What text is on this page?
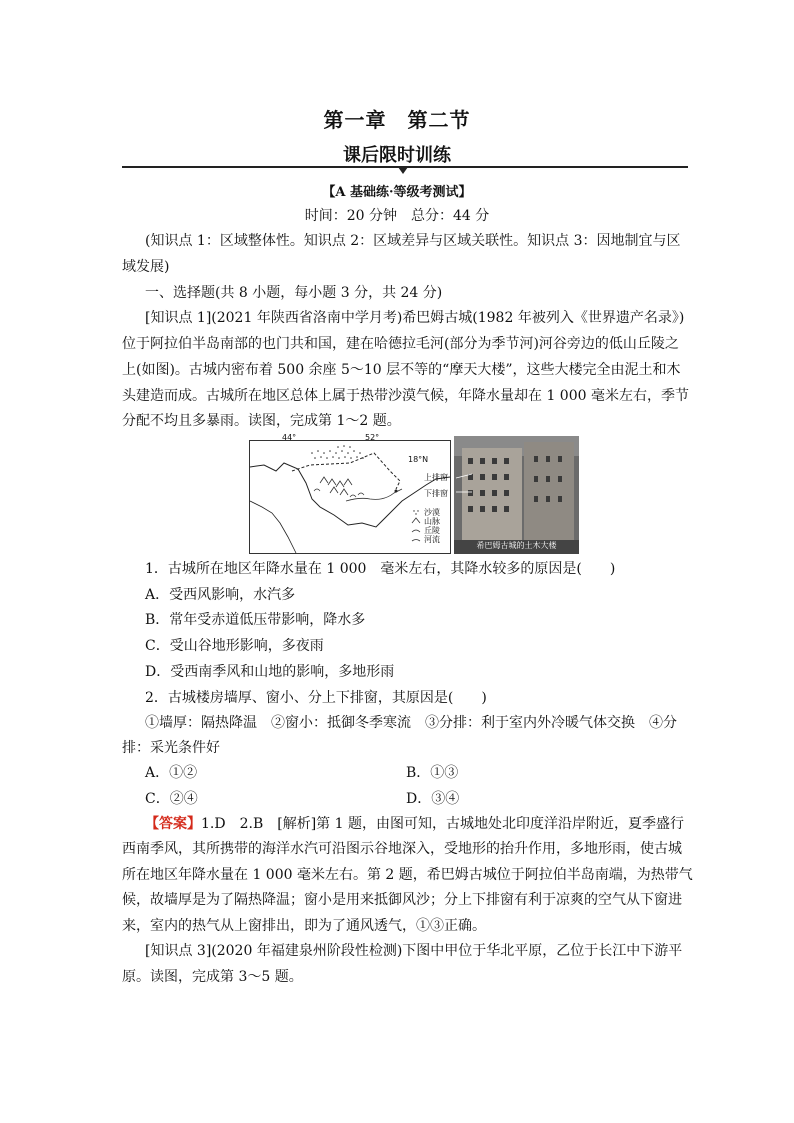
第一章　第二节
课后限时训练
【A 基础练·等级考测试】
时间：20 分钟　总分：44 分
(知识点 1：区域整体性。知识点 2：区域差异与区域关联性。知识点 3：因地制宜与区
域发展)
一、选择题(共 8 小题，每小题 3 分，共 24 分)
[知识点 1](2021 年陕西省洛南中学月考)希巴姆古城(1982 年被列入《世界遗产名录》)
位于阿拉伯半岛南部的也门共和国，建在哈德拉毛河(部分为季节河)河谷旁边的低山丘陵之
上(如图)。古城内密布着 500 余座 5～10 层不等的“摩天大楼”，这些大楼完全由泥土和木
头建造而成。古城所在地区总体上属于热带沙漠气候，年降水量却在 1 000 毫米左右，季节
分配不均且多暴雨。读图，完成第 1～2 题。
44°	52°
18°N
沙漠
山脉
丘陵
河流
上排窗
下排窗
希巴姆古城的土木大楼
1．古城所在地区年降水量在 1 000　毫米左右，其降水较多的原因是(　　)
A．受西风影响，水汽多
B．常年受赤道低压带影响，降水多
C．受山谷地形影响，多夜雨
D．受西南季风和山地的影响，多地形雨
2．古城楼房墙厚、窗小、分上下排窗，其原因是(　　)
①墙厚：隔热降温　②窗小：抵御冬季寒流　③分排：利于室内外冷暖气体交换　④分
排：采光条件好
A．①②	B．①③
C．②④	D．③④
【答案】1.D　2.B　[解析]第 1 题，由图可知，古城地处北印度洋沿岸附近，夏季盛行
西南季风，其所携带的海洋水汽可沿图示谷地深入，受地形的抬升作用，多地形雨，使古城
所在地区年降水量在 1 000 毫米左右。第 2 题，希巴姆古城位于阿拉伯半岛南端，为热带气
候，故墙厚是为了隔热降温；窗小是用来抵御风沙；分上下排窗有利于凉爽的空气从下窗进
来，室内的热气从上窗排出，即为了通风透气，①③正确。
[知识点 3](2020 年福建泉州阶段性检测)下图中甲位于华北平原，乙位于长江中下游平
原。读图，完成第 3～5 题。
